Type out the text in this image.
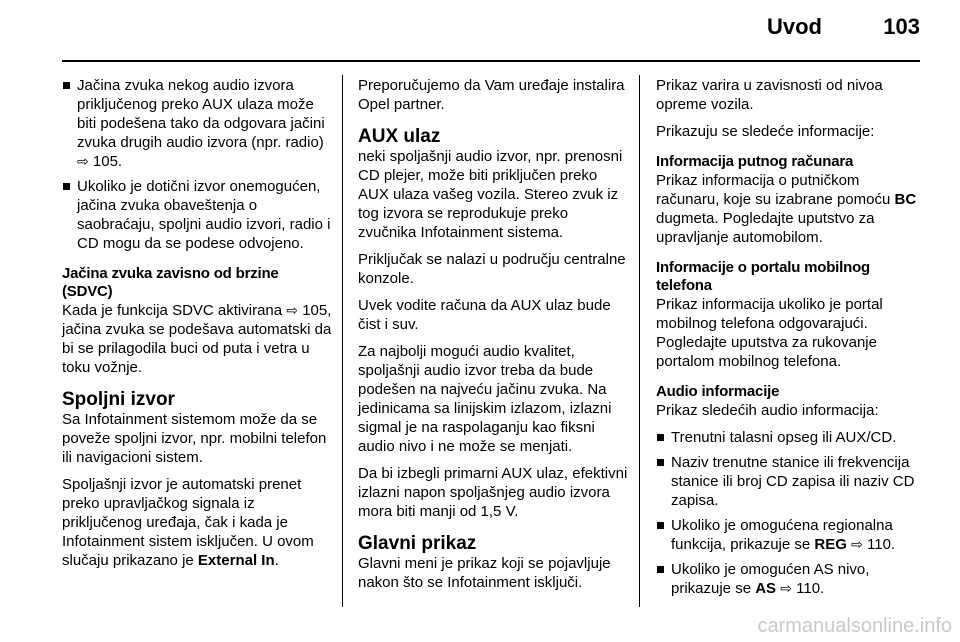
Uvod	103
Jačina zvuka nekog audio izvora priključenog preko AUX ulaza može biti podešena tako da odgovara jačini zvuka drugih audio izvora (npr. radio) ⇨ 105.
Ukoliko je dotični izvor onemogućen, jačina zvuka obaveštenja o saobraćaju, spoljni audio izvori, radio i CD mogu da se podese odvojeno.
Jačina zvuka zavisno od brzine (SDVC)

Kada je funkcija SDVC aktivirana ⇨ 105, jačina zvuka se podešava automatski da bi se prilagodila buci od puta i vetra u toku vožnje.

Spoljni izvor

Sa Infotainment sistemom može da se poveže spoljni izvor, npr. mobilni telefon ili navigacioni sistem.

Spoljašnji izvor je automatski prenet preko upravljačkog signala iz priključenog uređaja, čak i kada je Infotainment sistem isključen. U ovom slučaju prikazano je External In.

Preporučujemo da Vam uređaje instalira Opel partner.

AUX ulaz

neki spoljašnji audio izvor, npr. prenosni CD plejer, može biti priključen preko AUX ulaza vašeg vozila. Stereo zvuk iz tog izvora se reprodukuje preko zvučnika Infotainment sistema.

Priključak se nalazi u području centralne konzole.

Uvek vodite računa da AUX ulaz bude čist i suv.

Za najbolji mogući audio kvalitet, spoljašnji audio izvor treba da bude podešen na najveću jačinu zvuka. Na jedinicama sa linijskim izlazom, izlazni sigmal je na raspolaganju kao fiksni audio nivo i ne može se menjati.

Da bi izbegli primarni AUX ulaz, efektivni izlazni napon spoljašnjeg audio izvora mora biti manji od 1,5 V.

Glavni prikaz

Glavni meni je prikaz koji se pojavljuje nakon što se Infotainment isključi.

Prikaz varira u zavisnosti od nivoa opreme vozila.

Prikazuju se sledeće informacije:

Informacija putnog računara

Prikaz informacija o putničkom računaru, koje su izabrane pomoću BC dugmeta. Pogledajte uputstvo za upravljanje automobilom.

Informacije o portalu mobilnog telefona

Prikaz informacija ukoliko je portal mobilnog telefona odgovarajući. Pogledajte uputstva za rukovanje portalom mobilnog telefona.

Audio informacije

Prikaz sledećih audio informacija:

Trenutni talasni opseg ili AUX/CD.
Naziv trenutne stanice ili frekvencija stanice ili broj CD zapisa ili naziv CD zapisa.
Ukoliko je omogućena regionalna funkcija, prikazuje se REG ⇨ 110.
Ukoliko je omogućen AS nivo, prikazuje se AS ⇨ 110.
carmanualsonline.info
